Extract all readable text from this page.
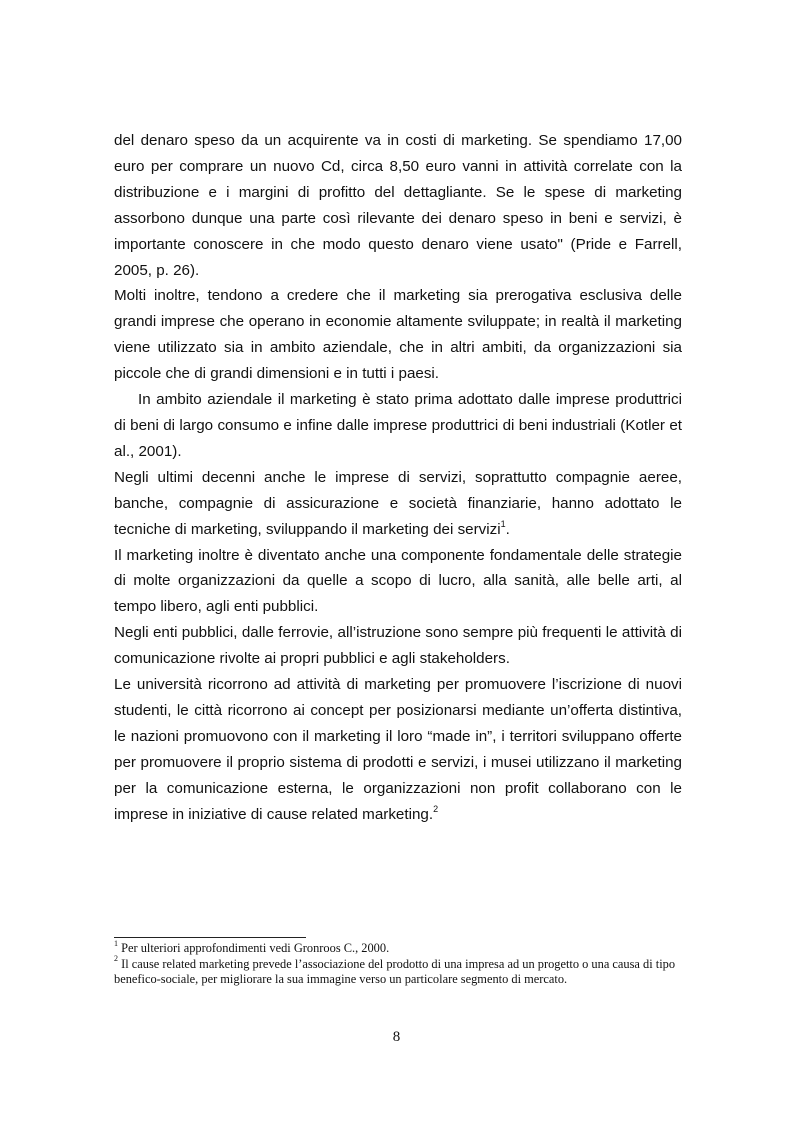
del denaro speso da un acquirente va in costi di marketing. Se spendiamo 17,00 euro per comprare un nuovo Cd, circa 8,50 euro vanni in attività correlate con la distribuzione e i margini di profitto del dettagliante. Se le spese di marketing assorbono dunque una parte così rilevante dei denaro speso in beni e servizi, è importante conoscere in che modo questo denaro viene usato" (Pride e Farrell, 2005, p. 26).

Molti inoltre, tendono a credere che il marketing sia prerogativa esclusiva delle grandi imprese che operano in economie altamente sviluppate; in realtà il marketing viene utilizzato sia in ambito aziendale, che in altri ambiti, da organizzazioni sia piccole che di grandi dimensioni e in tutti i paesi.

In ambito aziendale il marketing è stato prima adottato dalle imprese produttrici di beni di largo consumo e infine dalle imprese produttrici di beni industriali (Kotler et al., 2001).

Negli ultimi decenni anche le imprese di servizi, soprattutto compagnie aeree, banche, compagnie di assicurazione e società finanziarie, hanno adottato le tecniche di marketing, sviluppando il marketing dei servizi$^1$.

Il marketing inoltre è diventato anche una componente fondamentale delle strategie di molte organizzazioni da quelle a scopo di lucro, alla sanità, alle belle arti, al tempo libero, agli enti pubblici.

Negli enti pubblici, dalle ferrovie, all’istruzione sono sempre più frequenti le attività di comunicazione rivolte ai propri pubblici e agli stakeholders.

Le università ricorrono ad attività di marketing per promuovere l’iscrizione di nuovi studenti, le città ricorrono ai concept per posizionarsi mediante un’offerta distintiva, le nazioni promuovono con il marketing il loro “made in”, i territori sviluppano offerte per promuovere il proprio sistema di prodotti e servizi, i musei utilizzano il marketing per la comunicazione esterna, le organizzazioni non profit collaborano con le imprese in iniziative di cause related marketing.$^2$

$^1$ Per ulteriori approfondimenti vedi Gronroos C., 2000.

$^2$ Il cause related marketing prevede l’associazione del prodotto di una impresa ad un progetto o una causa di tipo benefico-sociale, per migliorare la sua immagine verso un particolare segmento di mercato.

8
